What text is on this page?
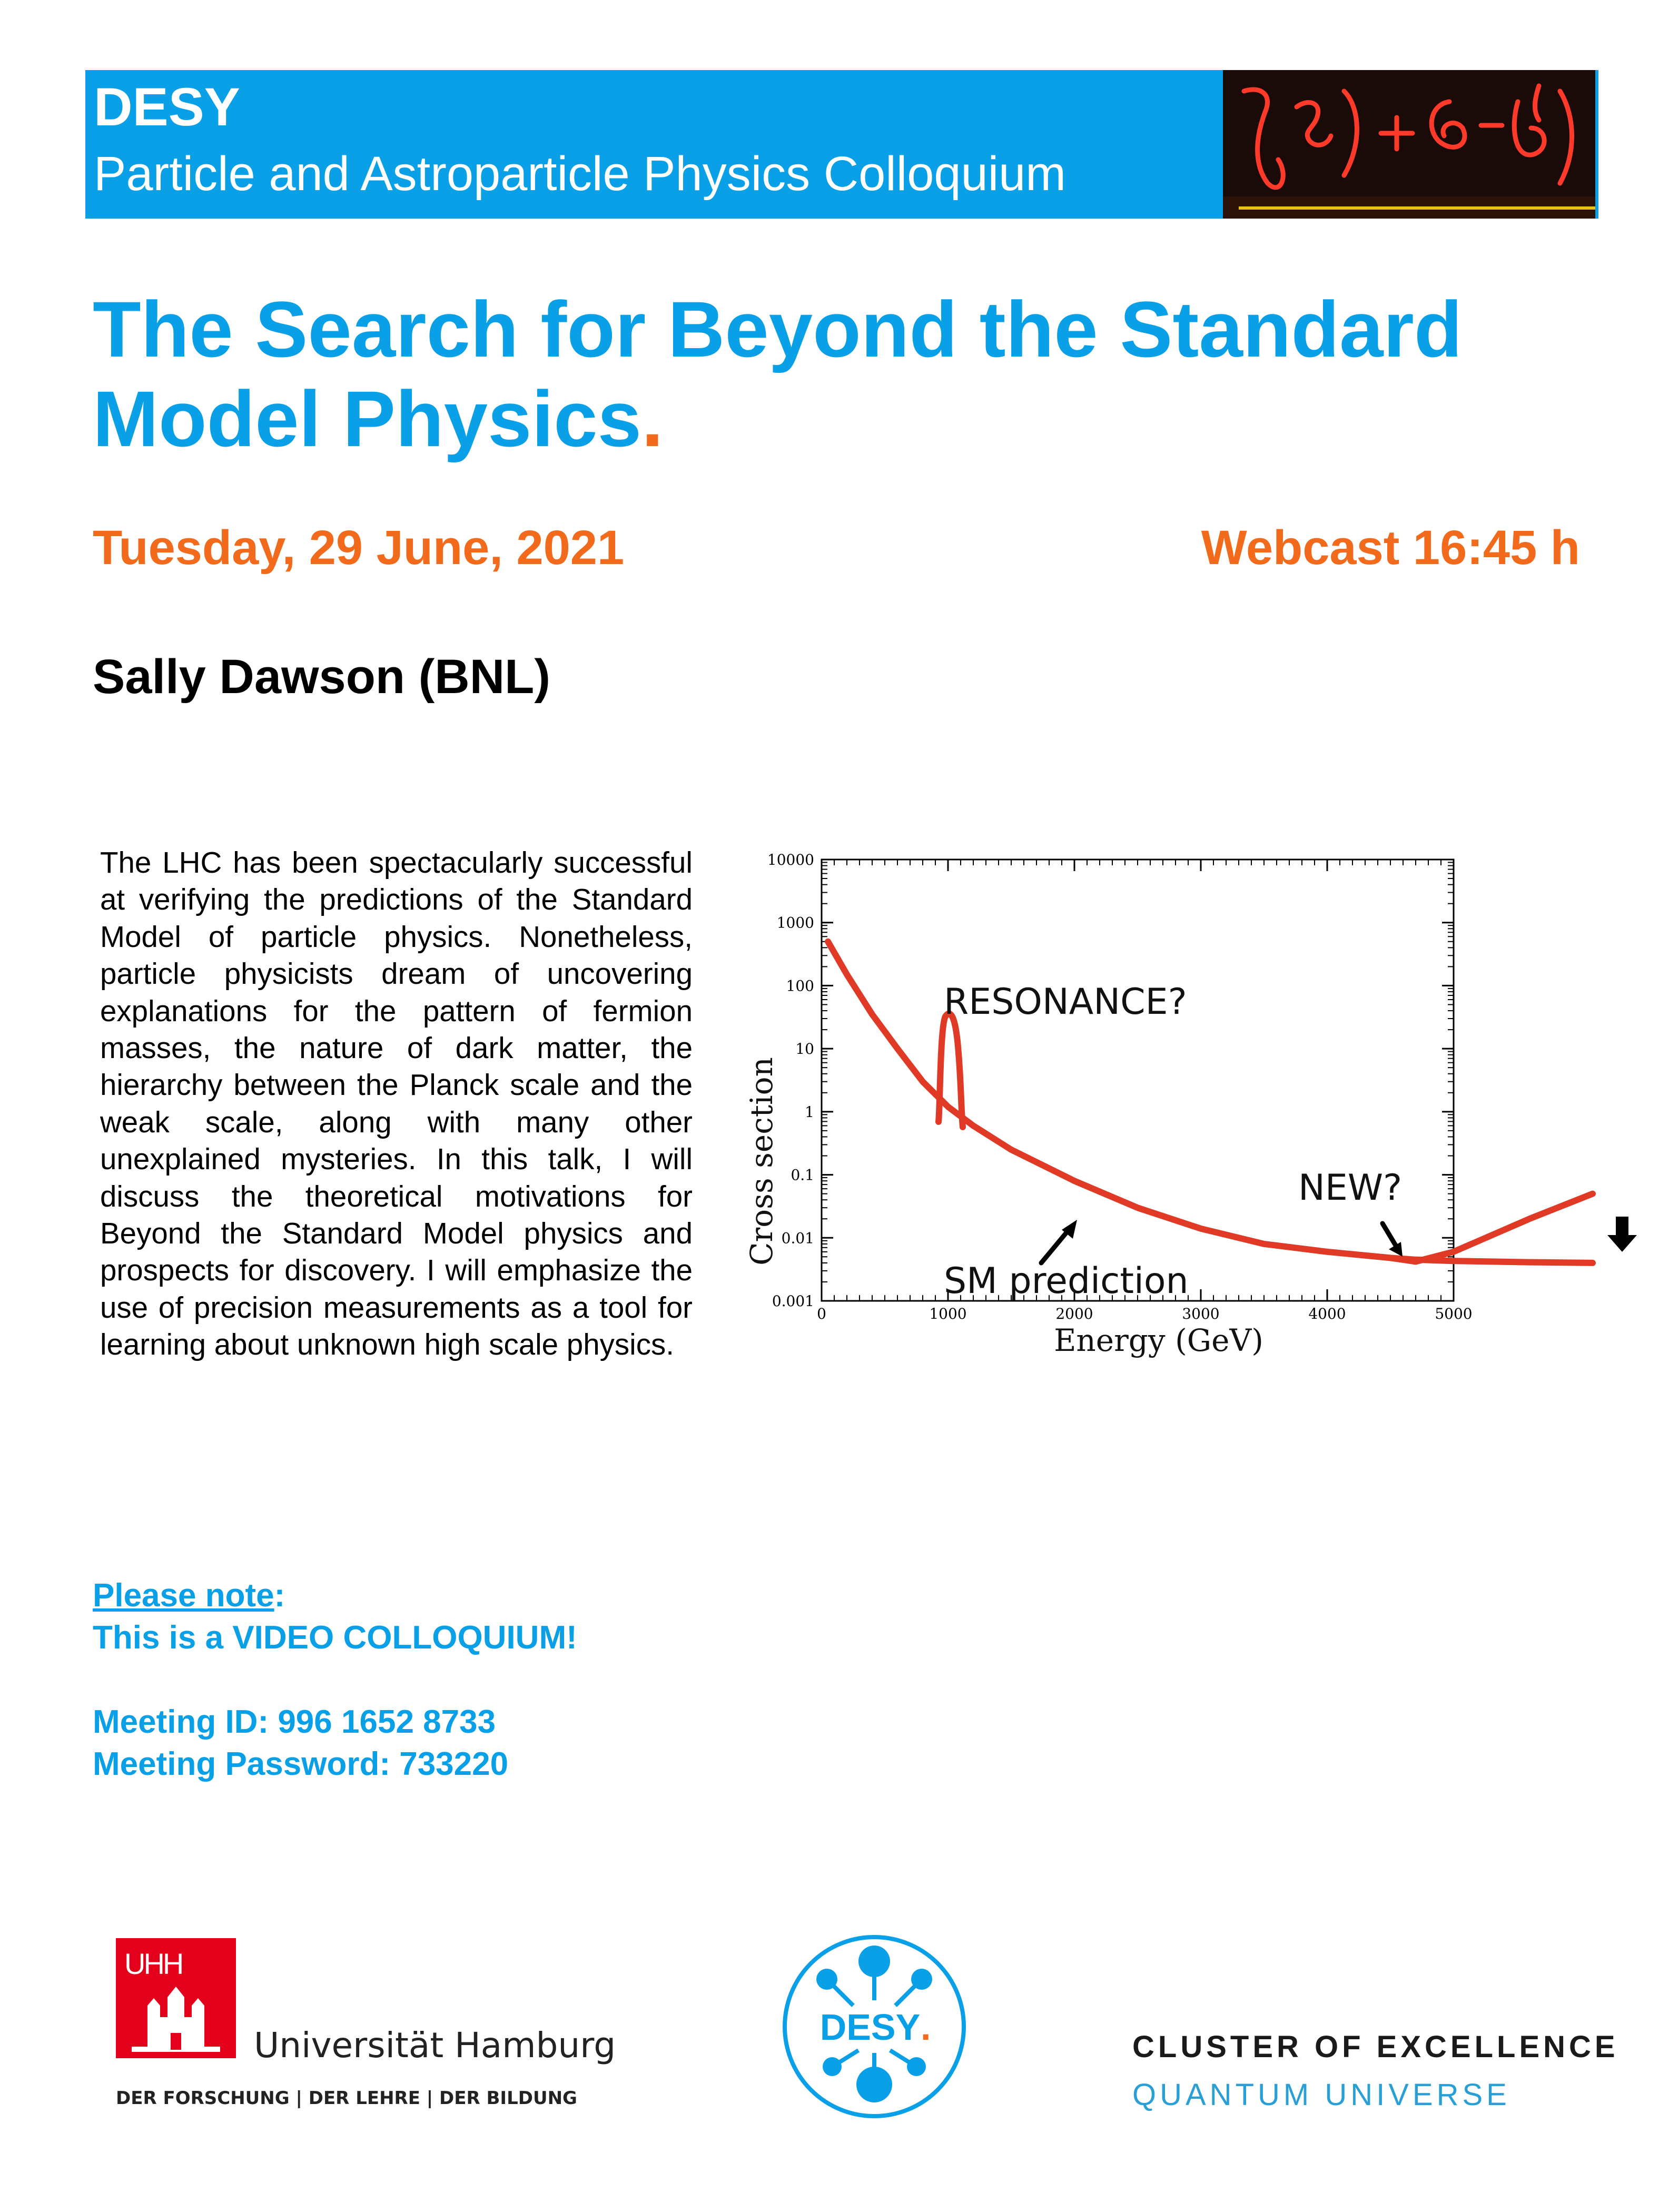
DESY
Particle and Astroparticle Physics Colloquium
The Search for Beyond the Standard Model Physics.
Tuesday, 29 June, 2021	Webcast 16:45 h
Sally Dawson (BNL)
The LHC has been spectacularly successful at verifying the predictions of the Standard Model of particle physics. Nonetheless, particle physicists dream of uncovering explanations for the pattern of fermion masses, the nature of dark matter, the hierarchy between the Planck scale and the weak scale, along with many other unexplained mysteries. In this talk, I will discuss the theoretical motivations for Beyond the Standard Model physics and prospects for discovery. I will emphasize the use of precision measurements as a tool for learning about unknown high scale physics.
0.001
0.01
0.1
1
10
100
1000
10000
0	1000	2000	3000	4000	5000
RESONANCE?
NEW?
SM prediction
Energy (GeV)
Cross section
Please note:
This is a VIDEO COLLOQUIUM!
Meeting ID: 996 1652 8733
Meeting Password: 733220
UHH
Universität Hamburg
DER FORSCHUNG | DER LEHRE | DER BILDUNG
DESY .	CLUSTER OF EXCELLENCE
QUANTUM UNIVERSE
